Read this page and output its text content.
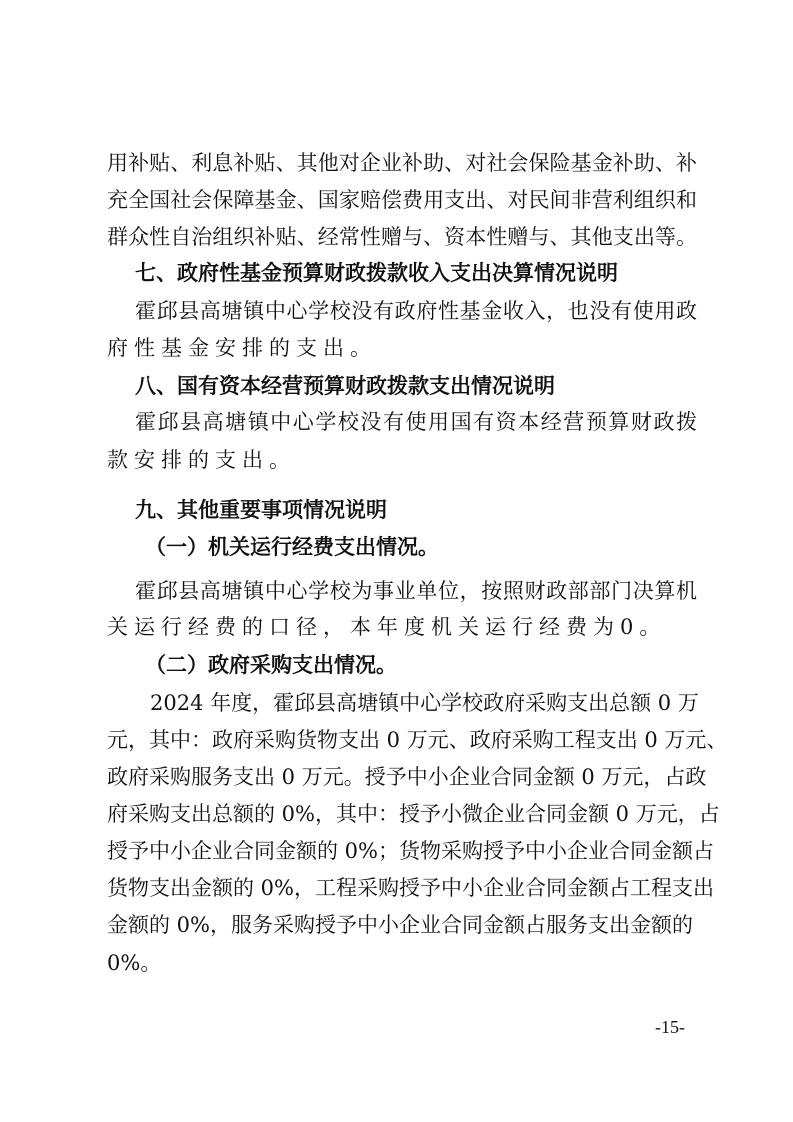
用补贴、利息补贴、其他对企业补助、对社会保险基金补助、补
充全国社会保障基金、国家赔偿费用支出、对民间非营利组织和
群众性自治组织补贴、经常性赠与、资本性赠与、其他支出等。
七、政府性基金预算财政拨款收入支出决算情况说明
霍邱县高塘镇中心学校没有政府性基金收入，也没有使用政
府性基金安排的支出。
八、国有资本经营预算财政拨款支出情况说明
霍邱县高塘镇中心学校没有使用国有资本经营预算财政拨
款安排的支出。
九、其他重要事项情况说明
（一）机关运行经费支出情况。
霍邱县高塘镇中心学校为事业单位，按照财政部部门决算机
关运行经费的口径，本年度机关运行经费为0。
（二）政府采购支出情况。
2024 年度，霍邱县高塘镇中心学校政府采购支出总额 0 万
元，其中：政府采购货物支出 0 万元、政府采购工程支出 0 万元、
政府采购服务支出 0 万元。授予中小企业合同金额 0 万元，占政
府采购支出总额的 0%，其中：授予小微企业合同金额 0 万元，占
授予中小企业合同金额的 0%；货物采购授予中小企业合同金额占
货物支出金额的 0%，工程采购授予中小企业合同金额占工程支出
金额的 0%，服务采购授予中小企业合同金额占服务支出金额的
0%。
-15-
